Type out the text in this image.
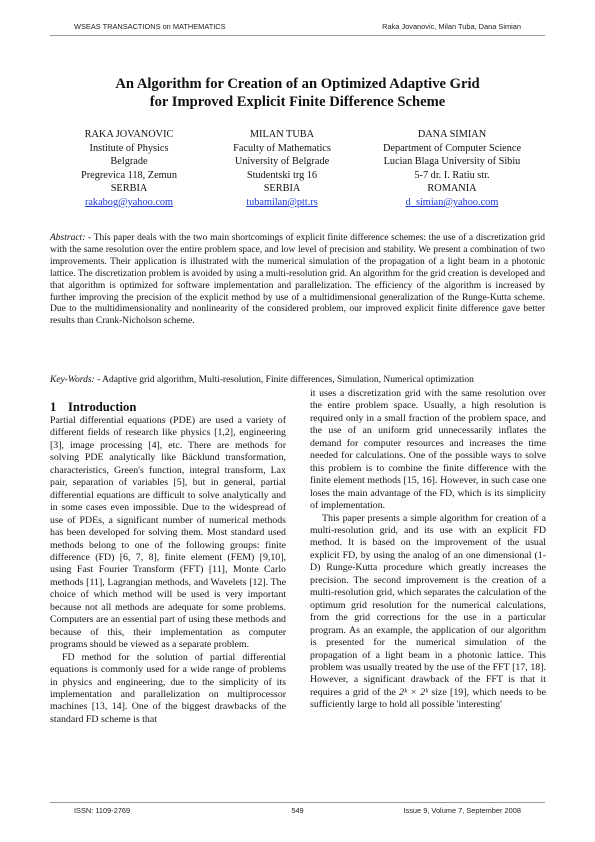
WSEAS TRANSACTIONS on MATHEMATICS	Raka Jovanovic, Milan Tuba, Dana Simian
An Algorithm for Creation of an Optimized Adaptive Grid
for Improved Explicit Finite Difference Scheme
RAKA JOVANOVIC
Institute of Physics
Belgrade
Pregrevica 118, Zemun
SERBIA
rakabog@yahoo.com
MILAN TUBA
Faculty of Mathematics
University of Belgrade
Studentski trg 16
SERBIA
tubamilan@ptt.rs
DANA SIMIAN
Department of Computer Science
Lucian Blaga University of Sibiu
5-7 dr. I. Ratiu str.
ROMANIA
d_simian@yahoo.com
Abstract: - This paper deals with the two main shortcomings of explicit finite difference schemes: the use of a discretization grid with the same resolution over the entire problem space, and low level of precision and stability. We present a combination of two improvements. Their application is illustrated with the numerical simulation of the propagation of a light beam in a photonic lattice. The discretization problem is avoided by using a multi-resolution grid. An algorithm for the grid creation is developed and that algorithm is optimized for software implementation and parallelization. The efficiency of the algorithm is increased by further improving the precision of the explicit method by use of a multidimensional generalization of the Runge-Kutta scheme. Due to the multidimensionality and nonlinearity of the considered problem, our improved explicit finite difference gave better results than Crank-Nicholson scheme.
Key-Words: - Adaptive grid algorithm, Multi-resolution, Finite differences, Simulation, Numerical optimization
1 Introduction

Partial differential equations (PDE) are used a variety of different fields of research like physics [1,2], engineering [3], image processing [4], etc. There are methods for solving PDE analytically like Bäcklund transformation, characteristics, Green's function, integral transform, Lax pair, separation of variables [5], but in general, partial differential equations are difficult to solve analytically and in some cases even impossible. Due to the widespread of use of PDEs, a significant number of numerical methods has been developed for solving them. Most standard used methods belong to one of the following groups: finite difference (FD) [6, 7, 8], finite element (FEM) [9,10], using Fast Fourier Transform (FFT) [11], Monte Carlo methods [11], Lagrangian methods, and Wavelets [12]. The choice of which method will be used is very important because not all methods are adequate for some problems. Computers are an essential part of using these methods and because of this, their implementation as computer programs should be viewed as a separate problem.

FD method for the solution of partial differential equations is commonly used for a wide range of problems in physics and engineering, due to the simplicity of its implementation and parallelization on multiprocessor machines [13, 14]. One of the biggest drawbacks of the standard FD scheme is that

it uses a discretization grid with the same resolution over the entire problem space. Usually, a high resolution is required only in a small fraction of the problem space, and the use of an uniform grid unnecessarily inflates the demand for computer resources and increases the time needed for calculations. One of the possible ways to solve this problem is to combine the finite difference with the finite element methods [15, 16]. However, in such case one loses the main advantage of the FD, which is its simplicity of implementation.

This paper presents a simple algorithm for creation of a multi-resolution grid, and its use with an explicit FD method. It is based on the improvement of the usual explicit FD, by using the analog of an one dimensional (1-D) Runge-Kutta procedure which greatly increases the precision. The second improvement is the creation of a multi-resolution grid, which separates the calculation of the optimum grid resolution for the numerical calculations, from the grid corrections for the use in a particular program. As an example, the application of our algorithm is presented for the numerical simulation of the propagation of a light beam in a photonic lattice. This problem was usually treated by the use of the FFT [17, 18]. However, a significant drawback of the FFT is that it requires a grid of the 2ᵏ × 2ᵏ size [19], which needs to be sufficiently large to hold all possible 'interesting'

ISSN: 1109-2769	549	Issue 9, Volume 7, September 2008
